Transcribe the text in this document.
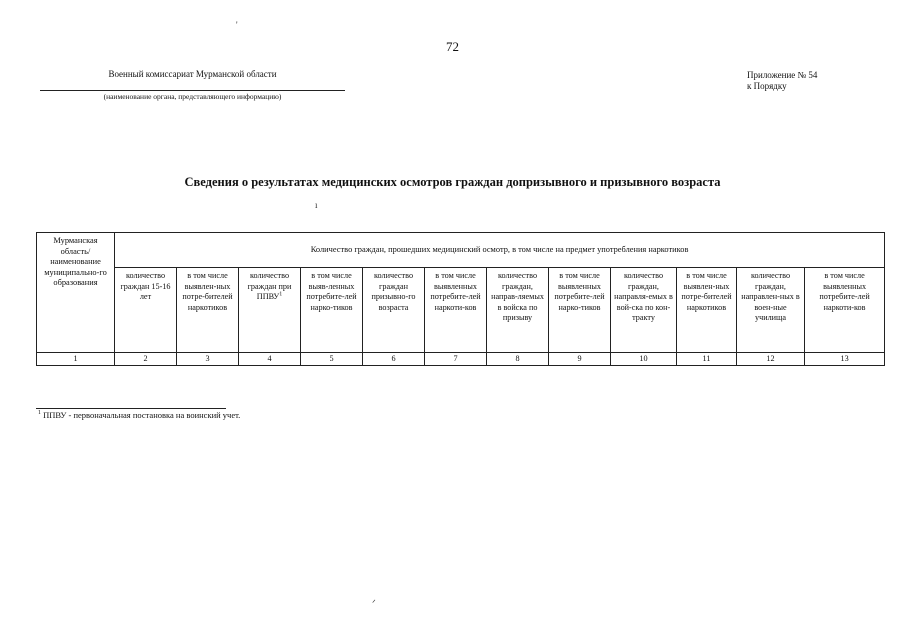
'
72
Военный комиссариат Мурманской области
(наименование органа, представляющего информацию)
Приложение № 54
к Порядку
Сведения о результатах медицинских осмотров граждан допризывного и призывного возраста
ı
Мурманская область/ наименование муниципально-го образования	Количество граждан, прошедших медицинский осмотр, в том числе на предмет употребления наркотиков											
	количество граждан 15-16 лет	в том числе выявлен-ных потре-бителей наркотиков	количество граждан при ППВУ$^1$	в том числе выяв-ленных потребите-лей нарко-тиков	количество граждан призывно-го возраста	в том числе выявленных потребите-лей наркоти-ков	количество граждан, направ-ляемых в войска по призыву	в том числе выявленных потребите-лей нарко-тиков	количество граждан, направля-емых в вой-ска по кон-тракту	в том числе выявлен-ных потре-бителей наркотиков	количество граждан, направлен-ных в воен-ные училища	в том числе выявленных потребите-лей наркоти-ков
1	2	3	4	5	6	7	8	9	10	11	12	13
$^1$ ППВУ - первоначальная постановка на воинский учет.
ᐟ
